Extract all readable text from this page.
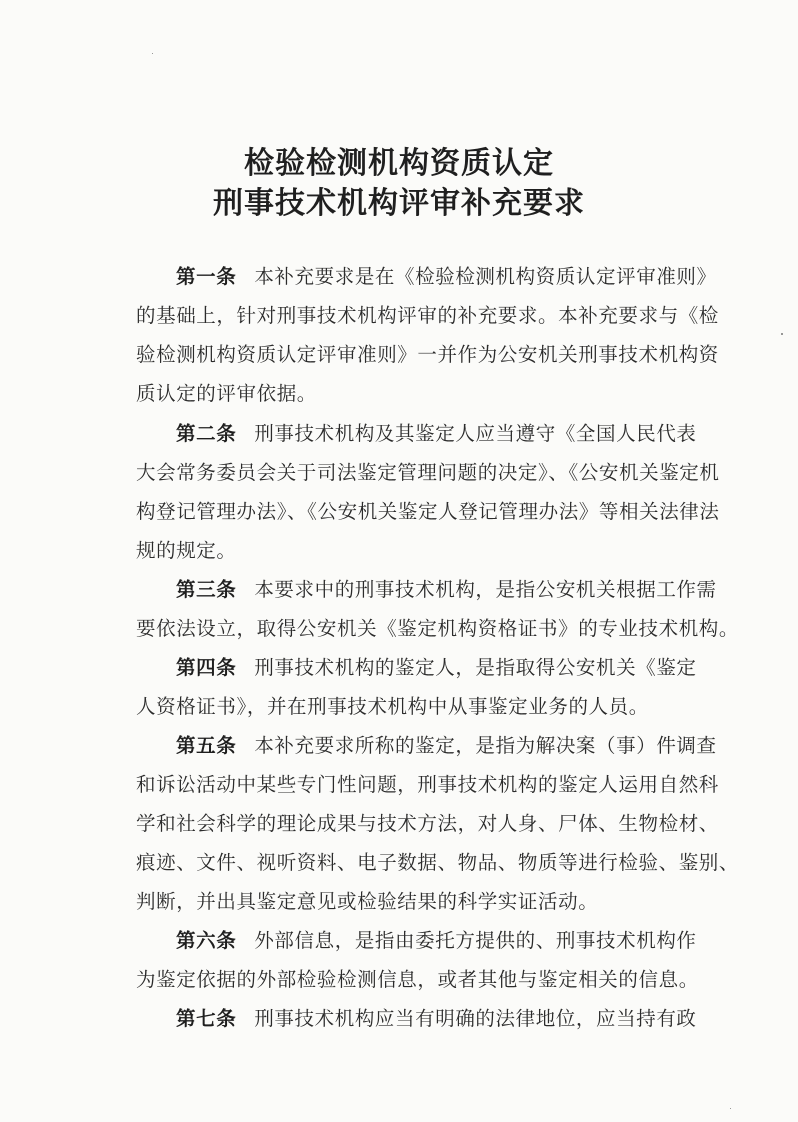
检验检测机构资质认定
刑事技术机构评审补充要求
第一条 本补充要求是在《检验检测机构资质认定评审准则》
的基础上，针对刑事技术机构评审的补充要求。本补充要求与《检
验检测机构资质认定评审准则》一并作为公安机关刑事技术机构资
质认定的评审依据。
第二条 刑事技术机构及其鉴定人应当遵守《全国人民代表
大会常务委员会关于司法鉴定管理问题的决定》、《公安机关鉴定机
构登记管理办法》、《公安机关鉴定人登记管理办法》等相关法律法
规的规定。
第三条 本要求中的刑事技术机构，是指公安机关根据工作需
要依法设立，取得公安机关《鉴定机构资格证书》的专业技术机构。
第四条 刑事技术机构的鉴定人，是指取得公安机关《鉴定
人资格证书》，并在刑事技术机构中从事鉴定业务的人员。
第五条 本补充要求所称的鉴定，是指为解决案（事）件调查
和诉讼活动中某些专门性问题，刑事技术机构的鉴定人运用自然科
学和社会科学的理论成果与技术方法，对人身、尸体、生物检材、
痕迹、文件、视听资料、电子数据、物品、物质等进行检验、鉴别、
判断，并出具鉴定意见或检验结果的科学实证活动。
第六条 外部信息，是指由委托方提供的、刑事技术机构作
为鉴定依据的外部检验检测信息，或者其他与鉴定相关的信息。
第七条 刑事技术机构应当有明确的法律地位，应当持有政
